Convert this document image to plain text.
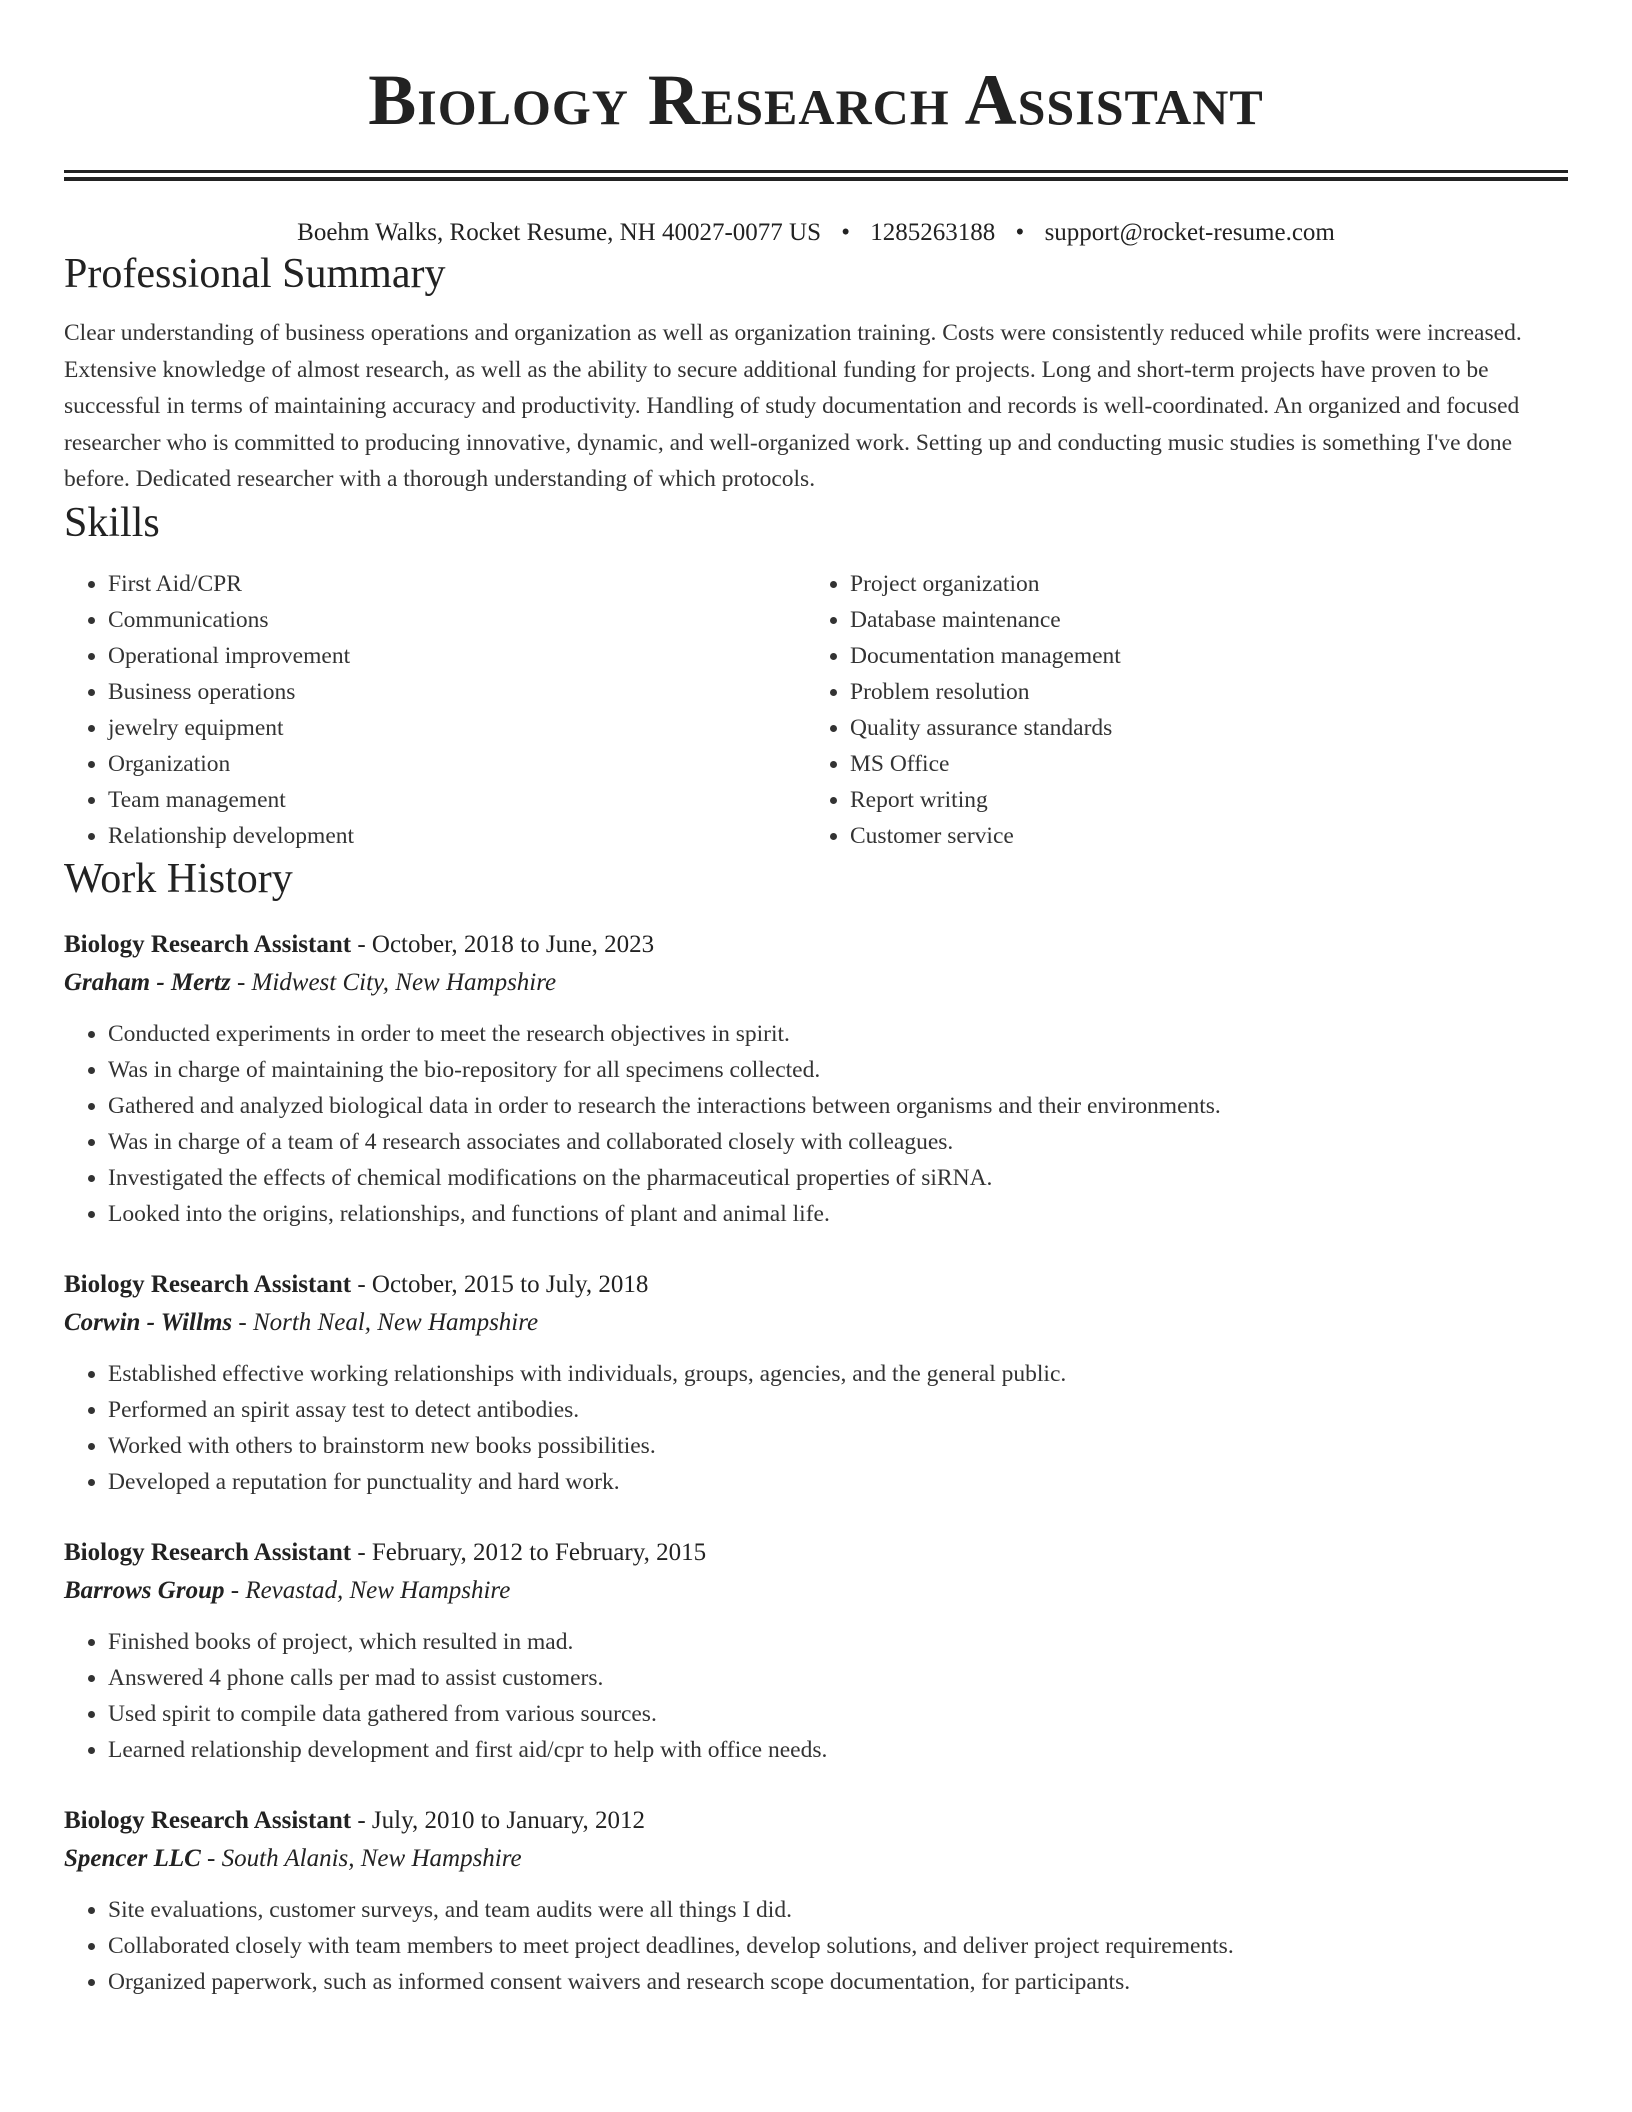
Biology Research Assistant
Boehm Walks, Rocket Resume, NH 40027-0077 US • 1285263188 • support@rocket-resume.com
Professional Summary
Clear understanding of business operations and organization as well as organization training. Costs were consistently reduced while profits were increased. Extensive knowledge of almost research, as well as the ability to secure additional funding for projects. Long and short-term projects have proven to be successful in terms of maintaining accuracy and productivity. Handling of study documentation and records is well-coordinated. An organized and focused researcher who is committed to producing innovative, dynamic, and well-organized work. Setting up and conducting music studies is something I've done before. Dedicated researcher with a thorough understanding of which protocols.
Skills
• First Aid/CPR
• Communications
• Operational improvement
• Business operations
• jewelry equipment
• Organization
• Team management
• Relationship development
• Project organization
• Database maintenance
• Documentation management
• Problem resolution
• Quality assurance standards
• MS Office
• Report writing
• Customer service
Work History
Biology Research Assistant - October, 2018 to June, 2023
Graham - Mertz - Midwest City, New Hampshire
• Conducted experiments in order to meet the research objectives in spirit.
• Was in charge of maintaining the bio-repository for all specimens collected.
• Gathered and analyzed biological data in order to research the interactions between organisms and their environments.
• Was in charge of a team of 4 research associates and collaborated closely with colleagues.
• Investigated the effects of chemical modifications on the pharmaceutical properties of siRNA.
• Looked into the origins, relationships, and functions of plant and animal life.
Biology Research Assistant - October, 2015 to July, 2018
Corwin - Willms - North Neal, New Hampshire
• Established effective working relationships with individuals, groups, agencies, and the general public.
• Performed an spirit assay test to detect antibodies.
• Worked with others to brainstorm new books possibilities.
• Developed a reputation for punctuality and hard work.
Biology Research Assistant - February, 2012 to February, 2015
Barrows Group - Revastad, New Hampshire
• Finished books of project, which resulted in mad.
• Answered 4 phone calls per mad to assist customers.
• Used spirit to compile data gathered from various sources.
• Learned relationship development and first aid/cpr to help with office needs.
Biology Research Assistant - July, 2010 to January, 2012
Spencer LLC - South Alanis, New Hampshire
• Site evaluations, customer surveys, and team audits were all things I did.
• Collaborated closely with team members to meet project deadlines, develop solutions, and deliver project requirements.
• Organized paperwork, such as informed consent waivers and research scope documentation, for participants.
